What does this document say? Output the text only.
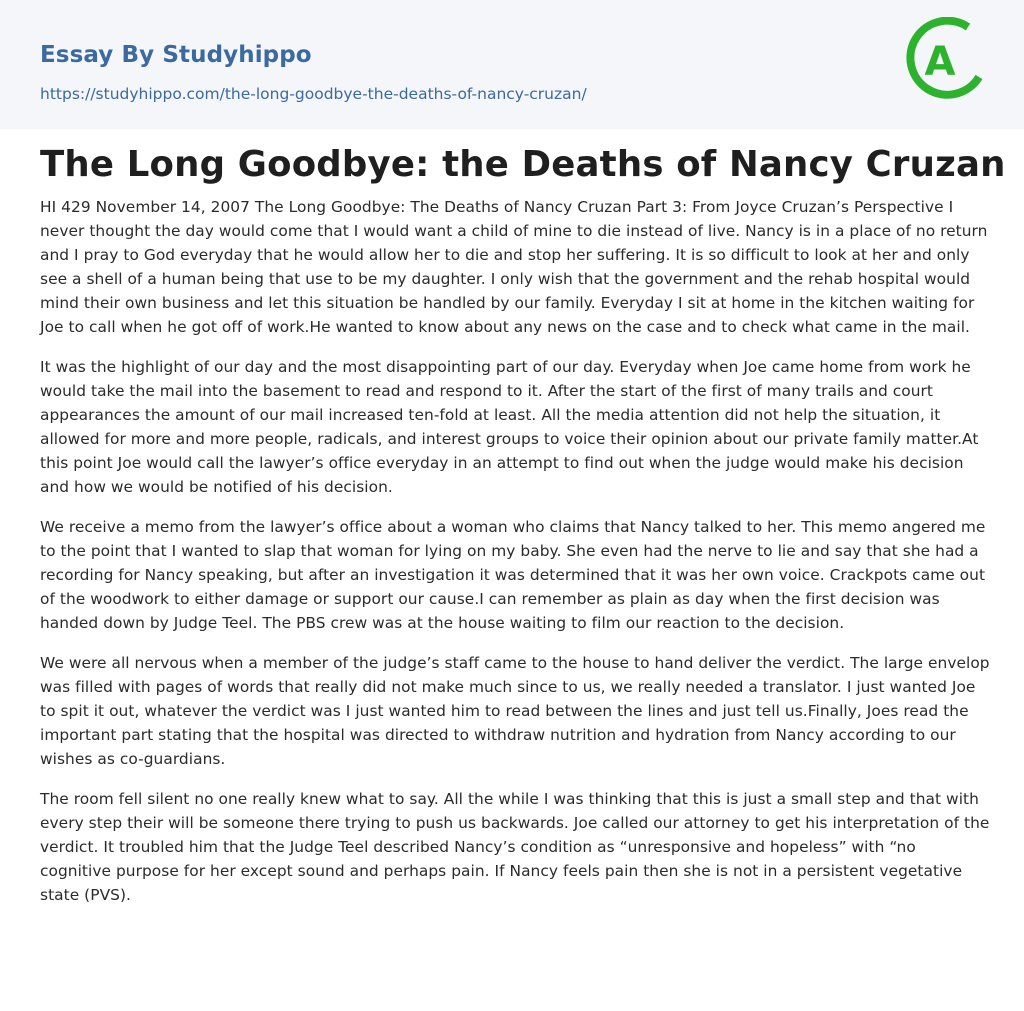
Essay By Studyhippo
https://studyhippo.com/the-long-goodbye-the-deaths-of-nancy-cruzan/
A
The Long Goodbye: the Deaths of Nancy Cruzan

HI 429 November 14, 2007 The Long Goodbye: The Deaths of Nancy Cruzan Part 3: From Joyce Cruzan’s Perspective I never thought the day would come that I would want a child of mine to die instead of live. Nancy is in a place of no return and I pray to God everyday that he would allow her to die and stop her suffering. It is so difficult to look at her and only see a shell of a human being that use to be my daughter. I only wish that the government and the rehab hospital would mind their own business and let this situation be handled by our family. Everyday I sit at home in the kitchen waiting for Joe to call when he got off of work.He wanted to know about any news on the case and to check what came in the mail.

It was the highlight of our day and the most disappointing part of our day. Everyday when Joe came home from work he would take the mail into the basement to read and respond to it. After the start of the first of many trails and court appearances the amount of our mail increased ten-fold at least. All the media attention did not help the situation, it allowed for more and more people, radicals, and interest groups to voice their opinion about our private family matter.At this point Joe would call the lawyer’s office everyday in an attempt to find out when the judge would make his decision and how we would be notified of his decision.

We receive a memo from the lawyer’s office about a woman who claims that Nancy talked to her. This memo angered me to the point that I wanted to slap that woman for lying on my baby. She even had the nerve to lie and say that she had a recording for Nancy speaking, but after an investigation it was determined that it was her own voice. Crackpots came out of the woodwork to either damage or support our cause.I can remember as plain as day when the first decision was handed down by Judge Teel. The PBS crew was at the house waiting to film our reaction to the decision.

We were all nervous when a member of the judge’s staff came to the house to hand deliver the verdict. The large envelop was filled with pages of words that really did not make much since to us, we really needed a translator. I just wanted Joe to spit it out, whatever the verdict was I just wanted him to read between the lines and just tell us.Finally, Joes read the important part stating that the hospital was directed to withdraw nutrition and hydration from Nancy according to our wishes as co-guardians.

The room fell silent no one really knew what to say. All the while I was thinking that this is just a small step and that with every step their will be someone there trying to push us backwards. Joe called our attorney to get his interpretation of the verdict. It troubled him that the Judge Teel described Nancy’s condition as “unresponsive and hopeless” with “no cognitive purpose for her except sound and perhaps pain. If Nancy feels pain then she is not in a persistent vegetative state (PVS).
